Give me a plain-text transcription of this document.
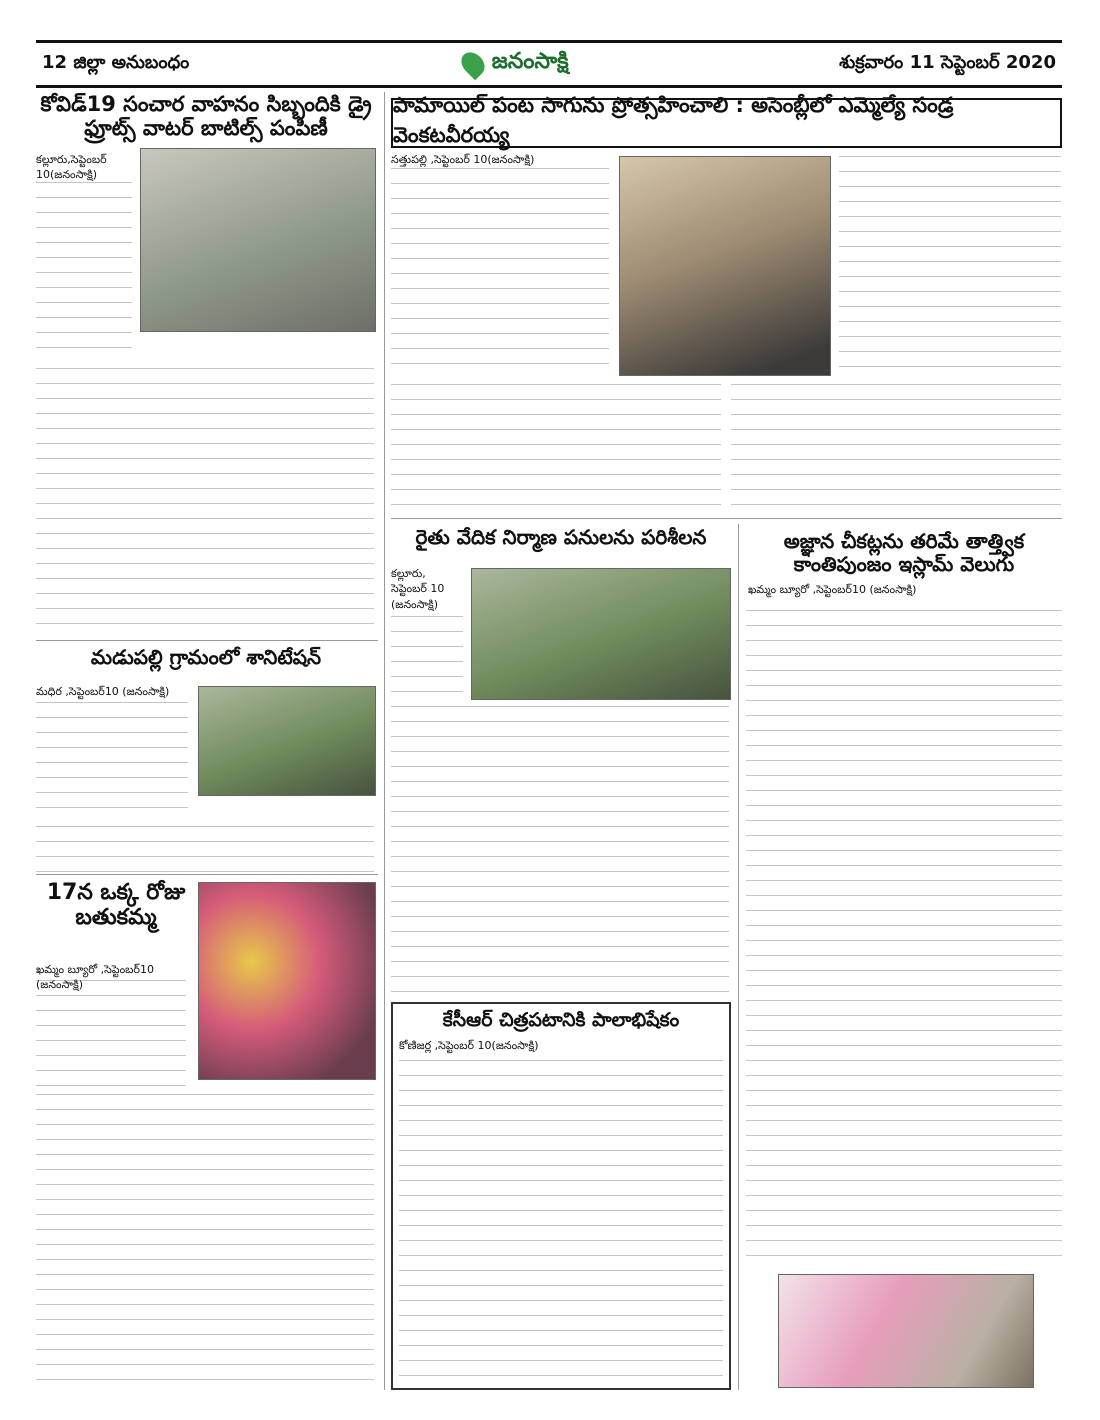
12 జిల్లా అనుబంధం	జనంసాక్షి	శుక్రవారం 11 సెప్టెంబర్ 2020
కోవిడ్19 సంచార వాహనం సిబ్బందికి డ్రై ఫ్రూట్స్ వాటర్ బాటిల్స్ పంపిణీ
కల్లూరు,సెప్టెంబర్ 10(జనంసాక్షి)
మడుపల్లి గ్రామంలో శానిటేషన్
మధిర ,సెప్టెంబర్10 (జనంసాక్షి)
17న ఒక్క రోజు బతుకమ్మ
ఖమ్మం బ్యూరో ,సెప్టెంబర్10 (జనంసాక్షి)
పామాయిల్ పంట సాగును ప్రోత్సహించాలి : అసెంబ్లీలో ఎమ్మెల్యే సండ్ర వెంకటవీరయ్య
సత్తుపల్లి ,సెప్టెంబర్ 10(జనంసాక్షి)
రైతు వేదిక నిర్మాణ పనులను పరిశీలన
కల్లూరు, సెప్టెంబర్ 10 (జనంసాక్షి)
కేసీఆర్ చిత్రపటానికి పాలాభిషేకం
కోణిజర్ల ,సెప్టెంబర్ 10(జనంసాక్షి)
అజ్ఞాన చీకట్లను తరిమే తాత్త్విక కాంతిపుంజం ఇస్లామ్ వెలుగు
ఖమ్మం బ్యూరో ,సెప్టెంబర్10 (జనంసాక్షి)
